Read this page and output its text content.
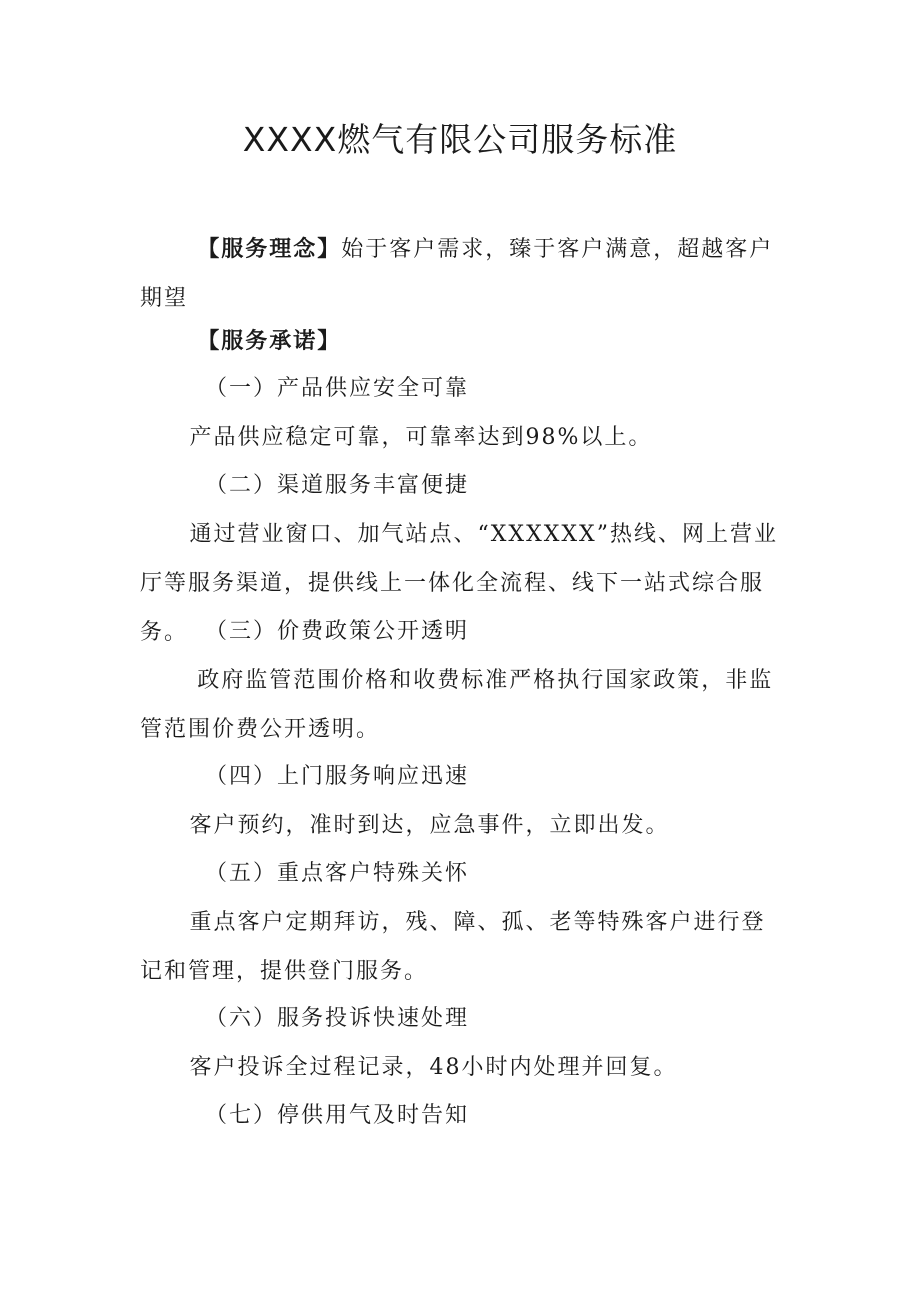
XXXX燃气有限公司服务标准

【服务理念】始于客户需求，臻于客户满意，超越客户期望

【服务承诺】

（一）产品供应安全可靠

产品供应稳定可靠，可靠率达到98%以上。

（二）渠道服务丰富便捷

通过营业窗口、加气站点、“XXXXXX”热线、网上营业厅等服务渠道，提供线上一体化全流程、线下一站式综合服务。 （三）价费政策公开透明

政府监管范围价格和收费标准严格执行国家政策，非监管范围价费公开透明。

（四）上门服务响应迅速

客户预约，准时到达，应急事件，立即出发。

（五）重点客户特殊关怀

重点客户定期拜访，残、障、孤、老等特殊客户进行登记和管理，提供登门服务。

（六）服务投诉快速处理

客户投诉全过程记录，48小时内处理并回复。

（七）停供用气及时告知
